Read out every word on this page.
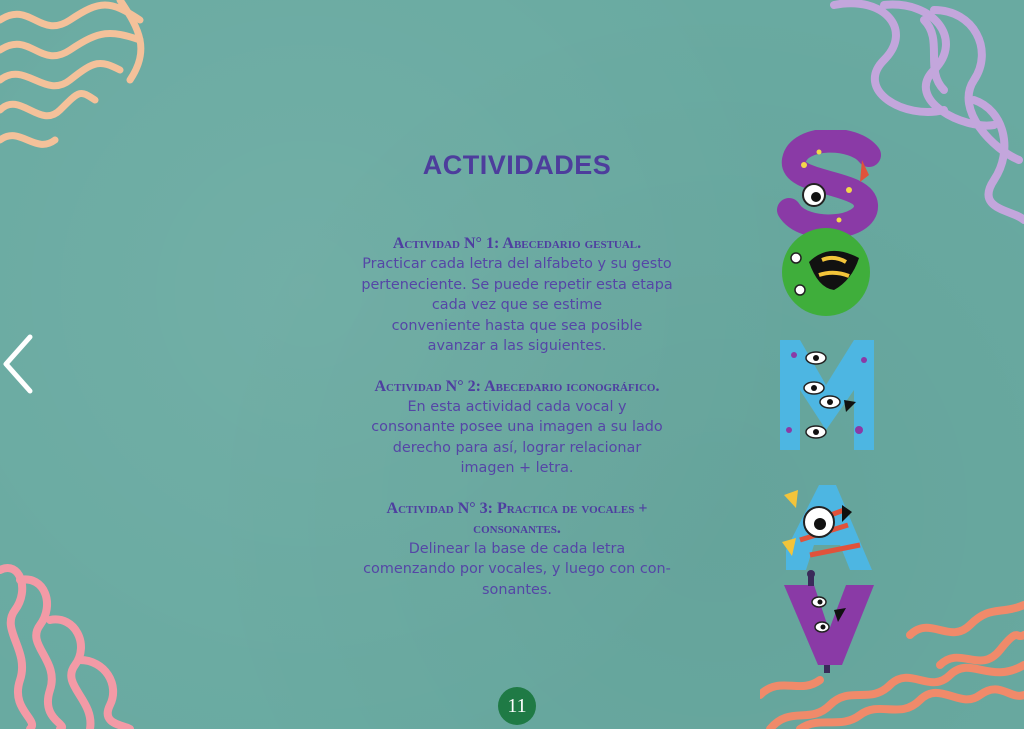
ACTIVIDADES
Actividad N° 1: Abecedario gestual.
Practicar cada letra del alfabeto y su gesto
perteneciente. Se puede repetir esta etapa
cada vez que se estime
conveniente hasta que sea posible
avanzar a las siguientes.
Actividad N° 2: Abecedario iconográfico.
En esta actividad cada vocal y
consonante posee una imagen a su lado
derecho para así, lograr relacionar
imagen + letra.
Actividad N° 3: Practica de vocales + consonantes.
Delinear la base de cada letra
comenzando por vocales, y luego con con-
sonantes.
11
